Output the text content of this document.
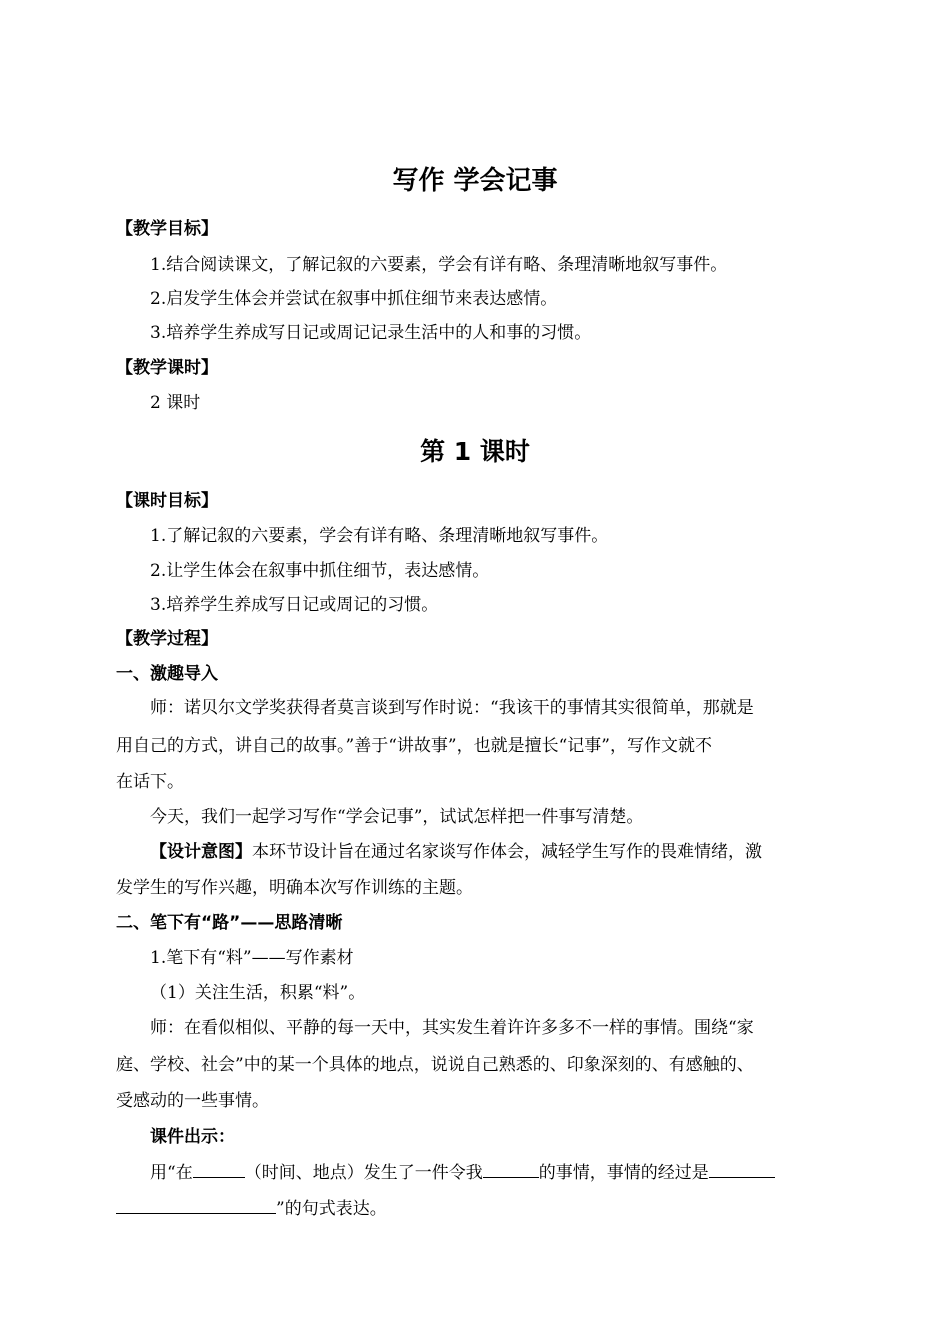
写作 学会记事
【教学目标】
1.结合阅读课文，了解记叙的六要素，学会有详有略、条理清晰地叙写事件。
2.启发学生体会并尝试在叙事中抓住细节来表达感情。
3.培养学生养成写日记或周记记录生活中的人和事的习惯。
【教学课时】
2 课时
第 1 课时
【课时目标】
1.了解记叙的六要素，学会有详有略、条理清晰地叙写事件。
2.让学生体会在叙事中抓住细节，表达感情。
3.培养学生养成写日记或周记的习惯。
【教学过程】
一、激趣导入
师：诺贝尔文学奖获得者莫言谈到写作时说：“我该干的事情其实很简单，那就是
用自己的方式，讲自己的故事。”善于“讲故事”，也就是擅长“记事”，写作文就不
在话下。
今天，我们一起学习写作“学会记事”，试试怎样把一件事写清楚。
【设计意图】本环节设计旨在通过名家谈写作体会，减轻学生写作的畏难情绪，激
发学生的写作兴趣，明确本次写作训练的主题。
二、笔下有“路”——思路清晰
1.笔下有“料”——写作素材
（1）关注生活，积累“料”。
师：在看似相似、平静的每一天中，其实发生着许许多多不一样的事情。围绕“家
庭、学校、社会”中的某一个具体的地点，说说自己熟悉的、印象深刻的、有感触的、
受感动的一些事情。
课件出示：
用“在	（时间、地点）发生了一件令我	的事情，事情的经过是
”的句式表达。
